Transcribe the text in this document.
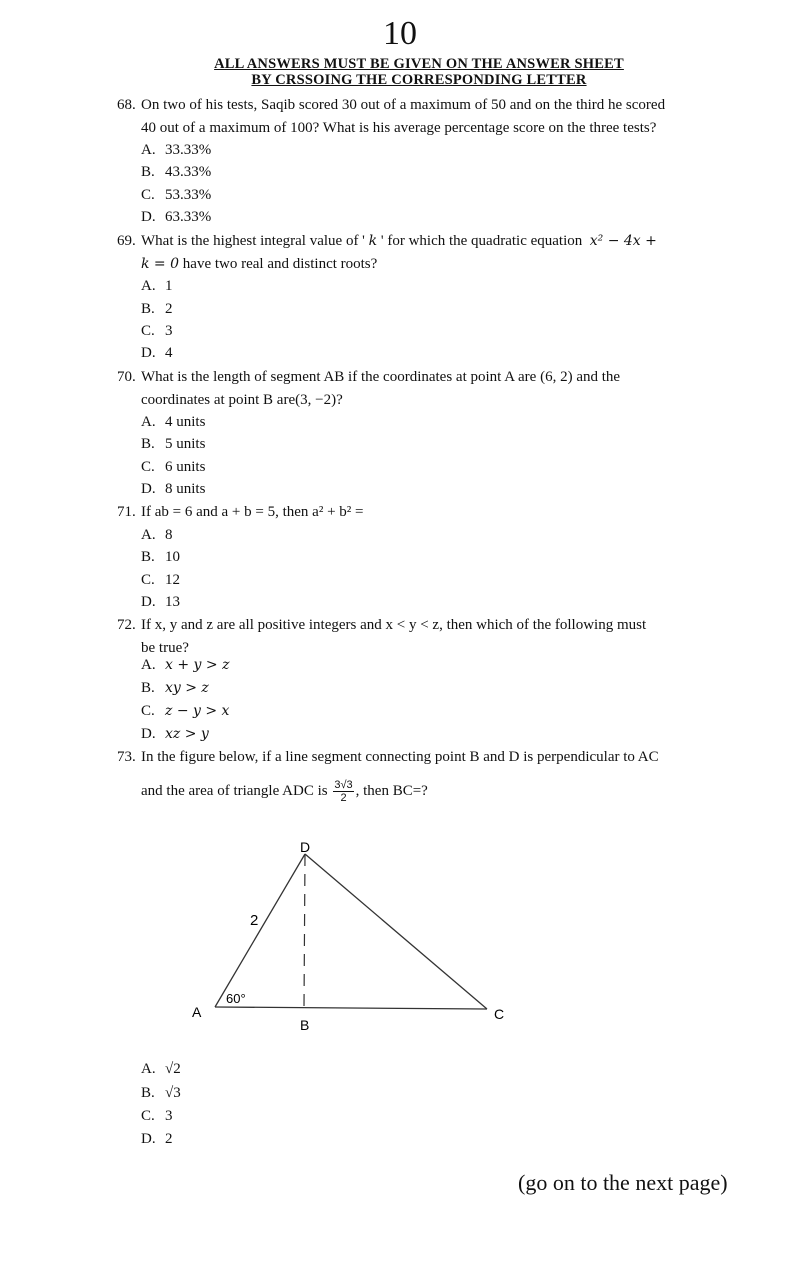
10
ALL ANSWERS MUST BE GIVEN ON THE ANSWER SHEET
BY CRSSOING THE CORRESPONDING LETTER
68. On two of his tests, Saqib scored 30 out of a maximum of 50 and on the third he scored
40 out of a maximum of 100? What is his average percentage score on the three tests?
A. 33.33%
B. 43.33%
C. 53.33%
D. 63.33%
69. What is the highest integral value of ' k ' for which the quadratic equation  x² − 4x +
k = 0 have two real and distinct roots?
A. 1
B. 2
C. 3
D. 4
70. What is the length of segment AB if the coordinates at point A are (6, 2) and the
coordinates at point B are(3, −2)?
A. 4 units
B. 5 units
C. 6 units
D. 8 units
71. If ab = 6 and a + b = 5, then a² + b² =
A. 8
B. 10
C. 12
D. 13
72. If x, y and z are all positive integers and x < y < z, then which of the following must
be true?
A. x + y > z
B. xy > z
C. z − y > x
D. xz > y
73. In the figure below, if a line segment connecting point B and D is perpendicular to AC
and the area of triangle ADC is $\frac{3√3}{2}$ , then BC=?
D
A
B
C
2
60°
A. √2
B. √3
C. 3
D. 2
(go on to the next page)
